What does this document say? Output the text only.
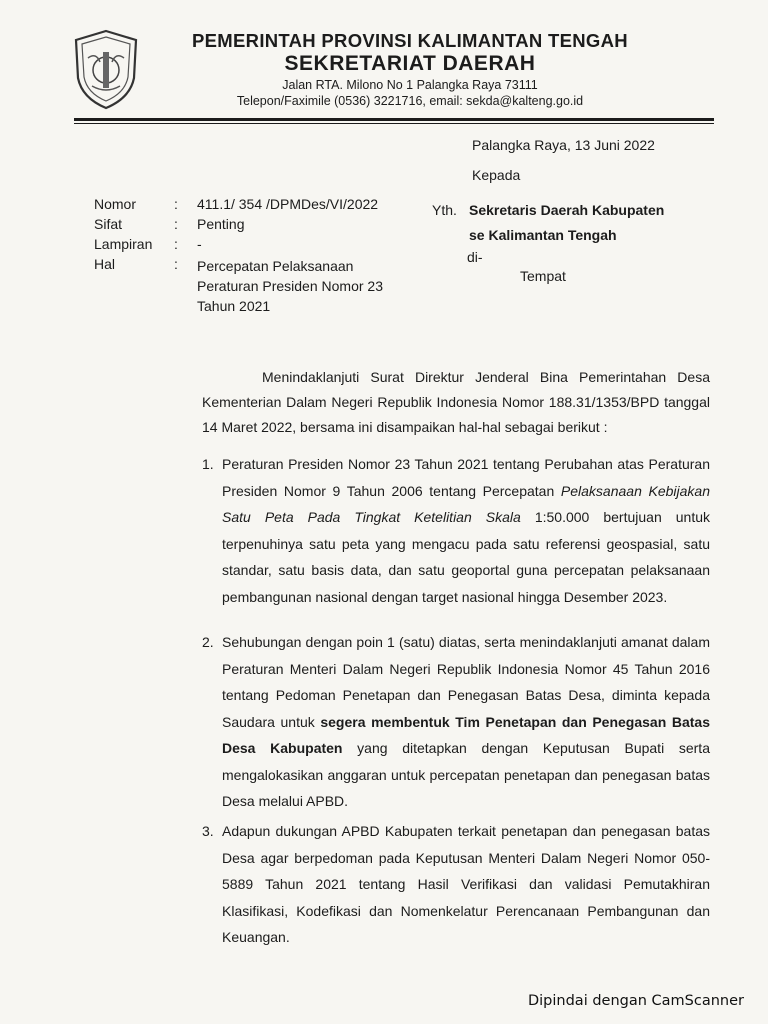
PEMERINTAH PROVINSI KALIMANTAN TENGAH
SEKRETARIAT DAERAH
Jalan RTA. Milono No 1 Palangka Raya 73111
Telepon/Faximile (0536) 3221716, email: sekda@kalteng.go.id
Palangka Raya, 13 Juni 2022
Kepada
Yth. Sekretaris Daerah Kabupaten
se Kalimantan Tengah
di-
Tempat
Nomor	: 411.1/ 354 /DPMDes/VI/2022
Sifat	: Penting
Lampiran : -
Hal	: Percepatan Pelaksanaan
Peraturan Presiden Nomor 23
Tahun 2021
Menindaklanjuti Surat Direktur Jenderal Bina Pemerintahan Desa Kementerian Dalam Negeri Republik Indonesia Nomor 188.31/1353/BPD tanggal 14 Maret 2022, bersama ini disampaikan hal-hal sebagai berikut :
1. Peraturan Presiden Nomor 23 Tahun 2021 tentang Perubahan atas Peraturan Presiden Nomor 9 Tahun 2006 tentang Percepatan Pelaksanaan Kebijakan Satu Peta Pada Tingkat Ketelitian Skala 1:50.000 bertujuan untuk terpenuhinya satu peta yang mengacu pada satu referensi geospasial, satu standar, satu basis data, dan satu geoportal guna percepatan pelaksanaan pembangunan nasional dengan target nasional hingga Desember 2023.
2. Sehubungan dengan poin 1 (satu) diatas, serta menindaklanjuti amanat dalam Peraturan Menteri Dalam Negeri Republik Indonesia Nomor 45 Tahun 2016 tentang Pedoman Penetapan dan Penegasan Batas Desa, diminta kepada Saudara untuk segera membentuk Tim Penetapan dan Penegasan Batas Desa Kabupaten yang ditetapkan dengan Keputusan Bupati serta mengalokasikan anggaran untuk percepatan penetapan dan penegasan batas Desa melalui APBD.
3. Adapun dukungan APBD Kabupaten terkait penetapan dan penegasan batas Desa agar berpedoman pada Keputusan Menteri Dalam Negeri Nomor 050-5889 Tahun 2021 tentang Hasil Verifikasi dan validasi Pemutakhiran Klasifikasi, Kodefikasi dan Nomenkelatur Perencanaan Pembangunan dan Keuangan.
Dipindai dengan CamScanner
